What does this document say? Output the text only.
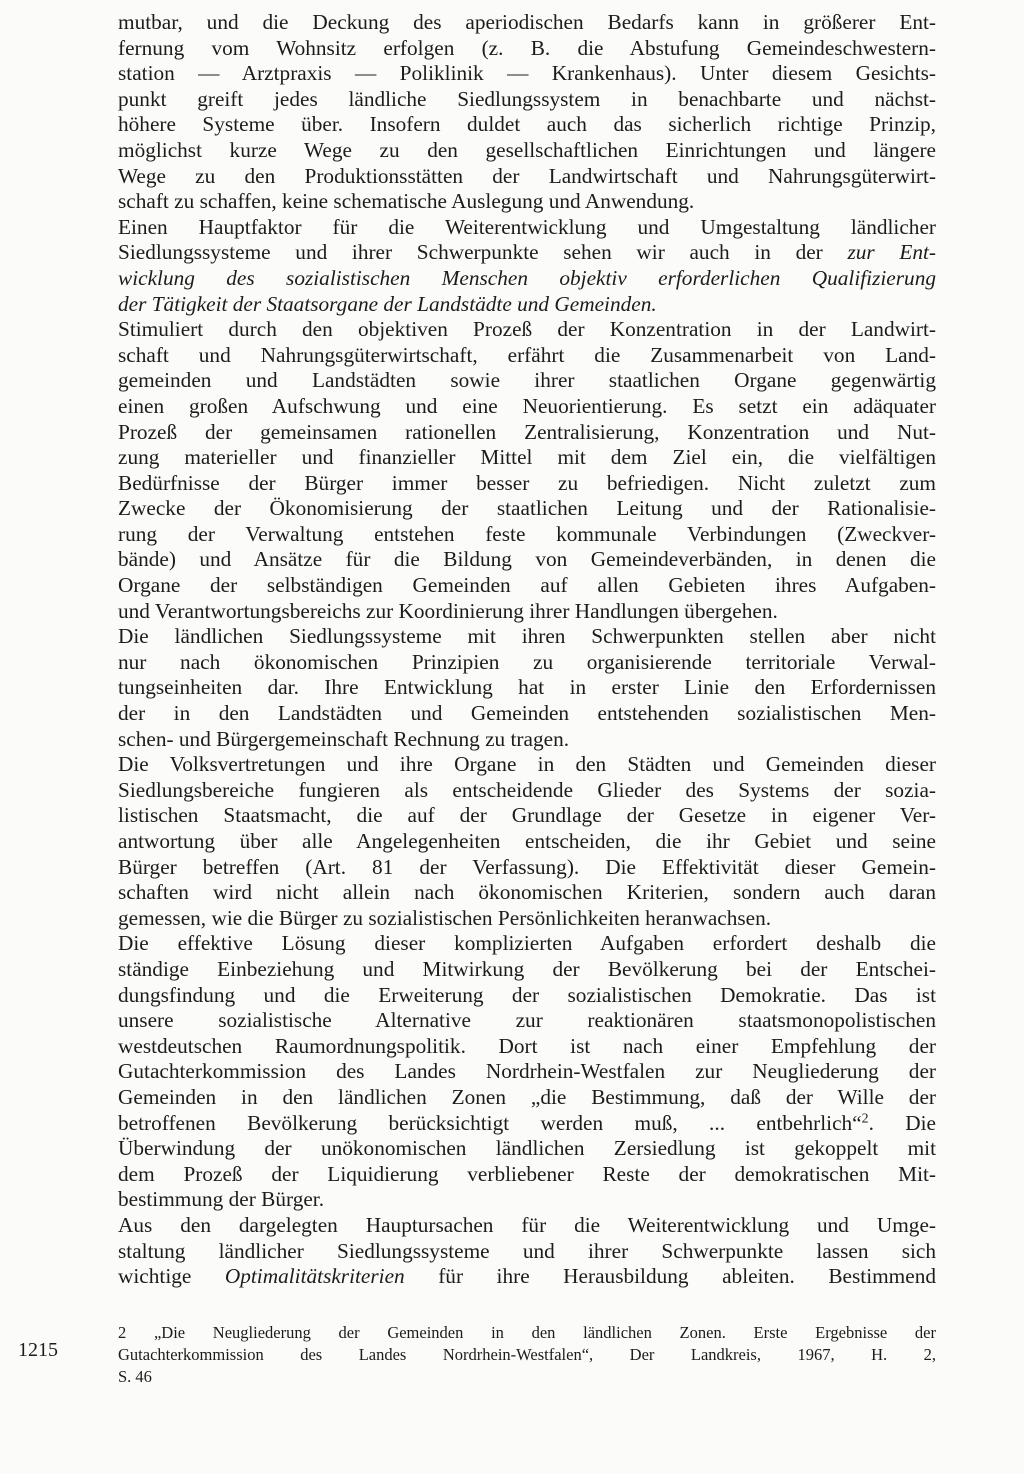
mutbar, und die Deckung des aperiodischen Bedarfs kann in größerer Ent-
fernung vom Wohnsitz erfolgen (z. B. die Abstufung Gemeindeschwestern-
station — Arztpraxis — Poliklinik — Krankenhaus). Unter diesem Gesichts-
punkt greift jedes ländliche Siedlungssystem in benachbarte und nächst-
höhere Systeme über. Insofern duldet auch das sicherlich richtige Prinzip,
möglichst kurze Wege zu den gesellschaftlichen Einrichtungen und längere
Wege zu den Produktionsstätten der Landwirtschaft und Nahrungsgüterwirt-
schaft zu schaffen, keine schematische Auslegung und Anwendung.
Einen Hauptfaktor für die Weiterentwicklung und Umgestaltung ländlicher
Siedlungssysteme und ihrer Schwerpunkte sehen wir auch in der zur Ent-
wicklung des sozialistischen Menschen objektiv erforderlichen Qualifizierung
der Tätigkeit der Staatsorgane der Landstädte und Gemeinden.
Stimuliert durch den objektiven Prozeß der Konzentration in der Landwirt-
schaft und Nahrungsgüterwirtschaft, erfährt die Zusammenarbeit von Land-
gemeinden und Landstädten sowie ihrer staatlichen Organe gegenwärtig
einen großen Aufschwung und eine Neuorientierung. Es setzt ein adäquater
Prozeß der gemeinsamen rationellen Zentralisierung, Konzentration und Nut-
zung materieller und finanzieller Mittel mit dem Ziel ein, die vielfältigen
Bedürfnisse der Bürger immer besser zu befriedigen. Nicht zuletzt zum
Zwecke der Ökonomisierung der staatlichen Leitung und der Rationalisie-
rung der Verwaltung entstehen feste kommunale Verbindungen (Zweckver-
bände) und Ansätze für die Bildung von Gemeindeverbänden, in denen die
Organe der selbständigen Gemeinden auf allen Gebieten ihres Aufgaben-
und Verantwortungsbereichs zur Koordinierung ihrer Handlungen übergehen.
Die ländlichen Siedlungssysteme mit ihren Schwerpunkten stellen aber nicht
nur nach ökonomischen Prinzipien zu organisierende territoriale Verwal-
tungseinheiten dar. Ihre Entwicklung hat in erster Linie den Erfordernissen
der in den Landstädten und Gemeinden entstehenden sozialistischen Men-
schen- und Bürgergemeinschaft Rechnung zu tragen.
Die Volksvertretungen und ihre Organe in den Städten und Gemeinden dieser
Siedlungsbereiche fungieren als entscheidende Glieder des Systems der sozia-
listischen Staatsmacht, die auf der Grundlage der Gesetze in eigener Ver-
antwortung über alle Angelegenheiten entscheiden, die ihr Gebiet und seine
Bürger betreffen (Art. 81 der Verfassung). Die Effektivität dieser Gemein-
schaften wird nicht allein nach ökonomischen Kriterien, sondern auch daran
gemessen, wie die Bürger zu sozialistischen Persönlichkeiten heranwachsen.
Die effektive Lösung dieser komplizierten Aufgaben erfordert deshalb die
ständige Einbeziehung und Mitwirkung der Bevölkerung bei der Entschei-
dungsfindung und die Erweiterung der sozialistischen Demokratie. Das ist
unsere sozialistische Alternative zur reaktionären staatsmonopolistischen
westdeutschen Raumordnungspolitik. Dort ist nach einer Empfehlung der
Gutachterkommission des Landes Nordrhein-Westfalen zur Neugliederung der
Gemeinden in den ländlichen Zonen „die Bestimmung, daß der Wille der
betroffenen Bevölkerung berücksichtigt werden muß, ... entbehrlich“$^2$. Die
Überwindung der unökonomischen ländlichen Zersiedlung ist gekoppelt mit
dem Prozeß der Liquidierung verbliebener Reste der demokratischen Mit-
bestimmung der Bürger.
Aus den dargelegten Hauptursachen für die Weiterentwicklung und Umge-
staltung ländlicher Siedlungssysteme und ihrer Schwerpunkte lassen sich
wichtige Optimalitätskriterien für ihre Herausbildung ableiten. Bestimmend
2 „Die Neugliederung der Gemeinden in den ländlichen Zonen. Erste Ergebnisse der
Gutachterkommission des Landes Nordrhein-Westfalen“, Der Landkreis, 1967, H. 2,
S. 46
1215
